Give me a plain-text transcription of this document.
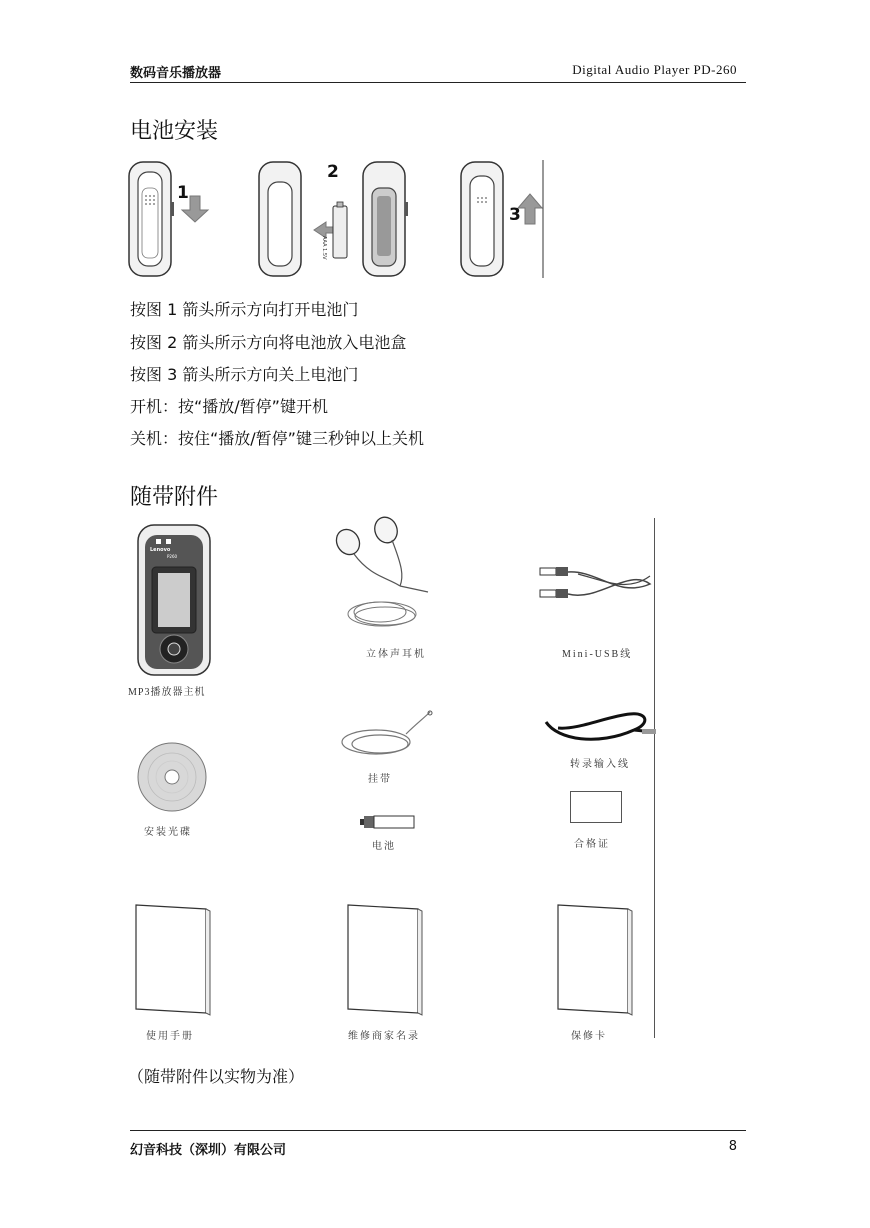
数码音乐播放器	Digital Audio Player PD-260
电池安装
1
2
AAA 1.5V
3
按图 1 箭头所示方向打开电池门
按图 2 箭头所示方向将电池放入电池盒
按图 3 箭头所示方向关上电池门
开机：按“播放/暂停”键开机
关机：按住“播放/暂停”键三秒钟以上关机
随带附件
Lenovo
P260
MP3播放器主机
立体声耳机	Mini-USB线
挂带
转录输入线
安装光碟
电池	合格证
使用手册	维修商家名录	保修卡
（随带附件以实物为准）
幻音科技（深圳）有限公司	8
